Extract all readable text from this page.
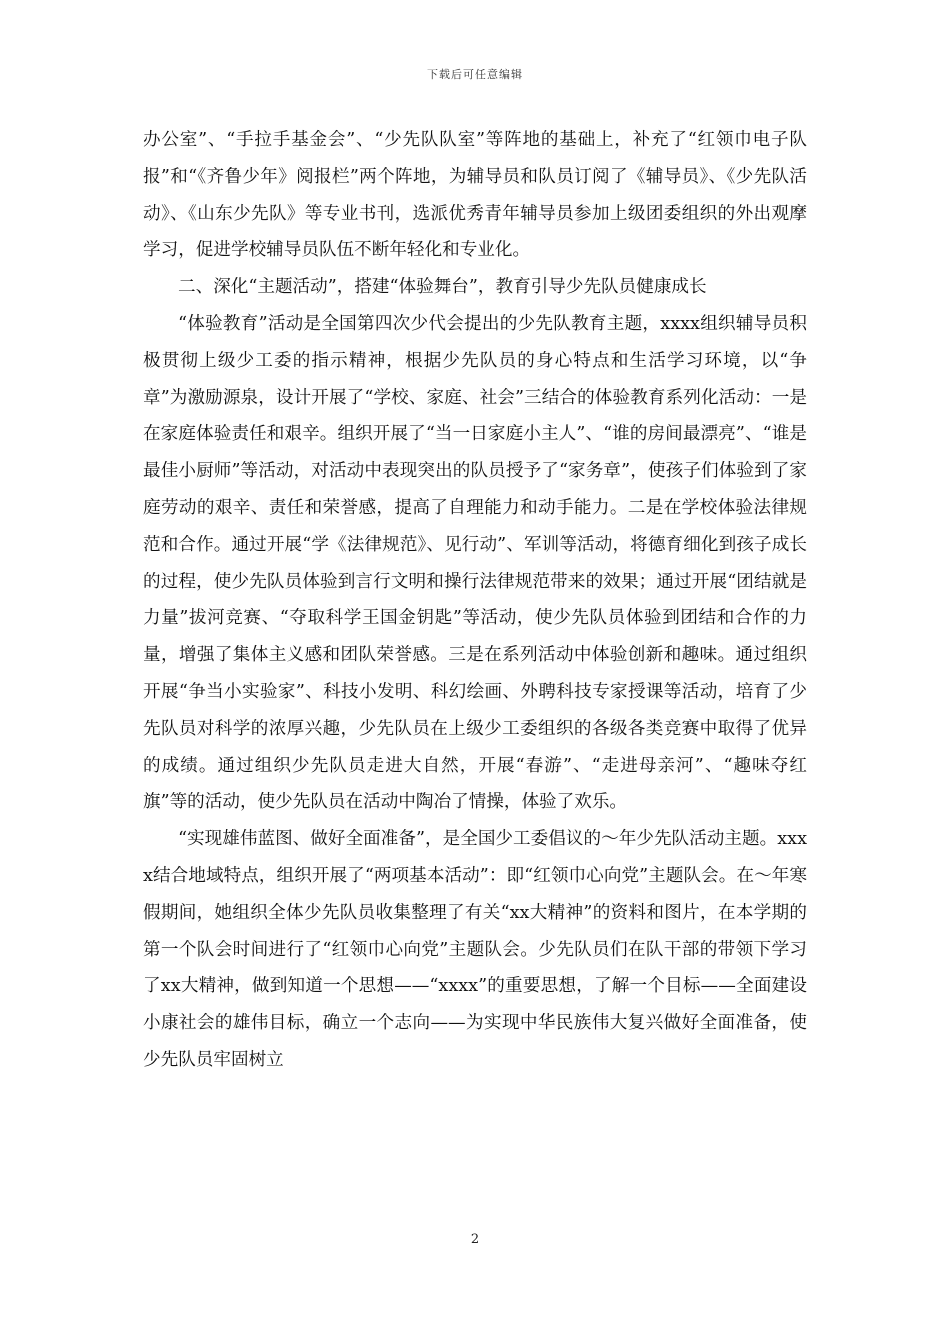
下载后可任意编辑

办公室”、“手拉手基金会”、“少先队队室”等阵地的基础上，补充了“红领巾电子队报”和“《齐鲁少年》阅报栏”两个阵地，为辅导员和队员订阅了《辅导员》、《少先队活动》、《山东少先队》等专业书刊，选派优秀青年辅导员参加上级团委组织的外出观摩学习，促进学校辅导员队伍不断年轻化和专业化。

二、深化“主题活动”，搭建“体验舞台”，教育引导少先队员健康成长

“体验教育”活动是全国第四次少代会提出的少先队教育主题，xxxx组织辅导员积极贯彻上级少工委的指示精神，根据少先队员的身心特点和生活学习环境，以“争章”为激励源泉，设计开展了“学校、家庭、社会”三结合的体验教育系列化活动：一是在家庭体验责任和艰辛。组织开展了“当一日家庭小主人”、“谁的房间最漂亮”、“谁是最佳小厨师”等活动，对活动中表现突出的队员授予了“家务章”，使孩子们体验到了家庭劳动的艰辛、责任和荣誉感，提高了自理能力和动手能力。二是在学校体验法律规范和合作。通过开展“学《法律规范》、见行动”、军训等活动，将德育细化到孩子成长的过程，使少先队员体验到言行文明和操行法律规范带来的效果；通过开展“团结就是力量”拔河竞赛、“夺取科学王国金钥匙”等活动，使少先队员体验到团结和合作的力量，增强了集体主义感和团队荣誉感。三是在系列活动中体验创新和趣味。通过组织开展“争当小实验家”、科技小发明、科幻绘画、外聘科技专家授课等活动，培育了少先队员对科学的浓厚兴趣，少先队员在上级少工委组织的各级各类竞赛中取得了优异的成绩。通过组织少先队员走进大自然，开展“春游”、“走进母亲河”、“趣味夺红旗”等的活动，使少先队员在活动中陶冶了情操，体验了欢乐。

“实现雄伟蓝图、做好全面准备”，是全国少工委倡议的～年少先队活动主题。xxxx结合地域特点，组织开展了“两项基本活动”：即“红领巾心向党”主题队会。在～年寒假期间，她组织全体少先队员收集整理了有关“xx大精神”的资料和图片，在本学期的第一个队会时间进行了“红领巾心向党”主题队会。少先队员们在队干部的带领下学习了xx大精神，做到知道一个思想——“xxxx”的重要思想，了解一个目标——全面建设小康社会的雄伟目标，确立一个志向——为实现中华民族伟大复兴做好全面准备，使少先队员牢固树立

2
